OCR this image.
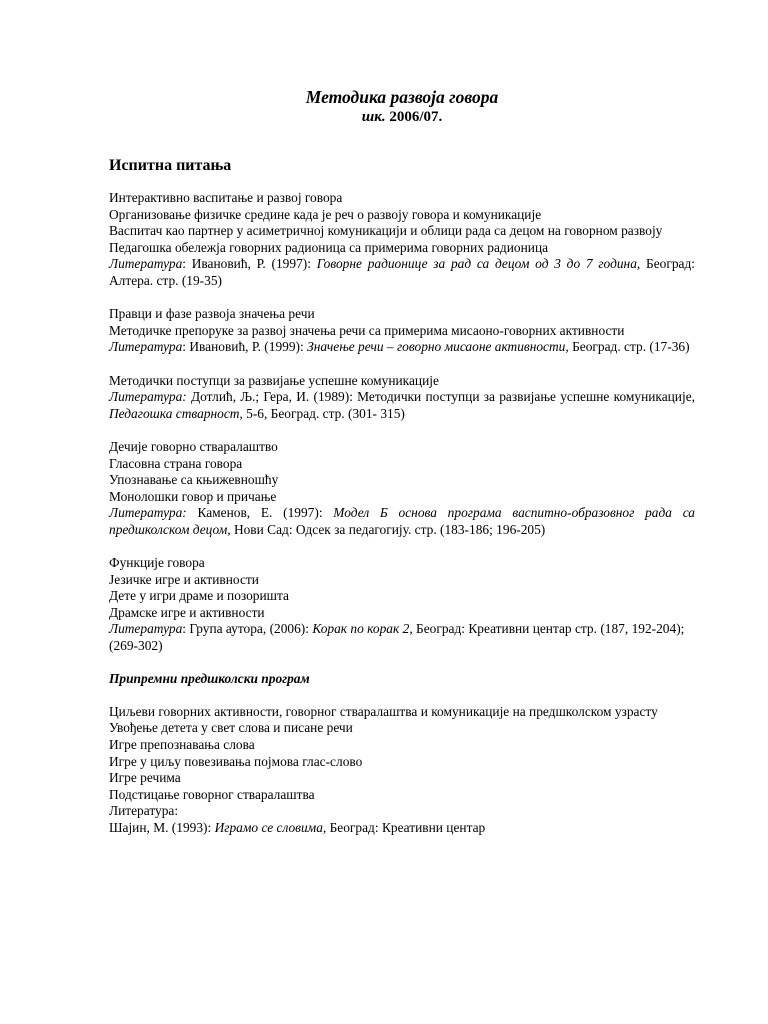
Методика развоја говора
шк. 2006/07.
Испитна питања
Интерактивно васпитање и развој говора
Организовање физичке средине када је реч о развоју говора и комуникације
Васпитач као партнер у асиметричној комуникацији и облици рада са децом на говорном развоју
Педагошка обележја говорних радионица са примерима говорних радионица
Литература: Ивановић, Р. (1997): Говорне радионице за рад са децом од 3 до 7 година, Београд: Алтера. стр. (19-35)
Правци и фазе развоја значења речи
Методичке препоруке за развој значења речи са примерима мисаоно-говорних активности
Литература: Ивановић, Р. (1999): Значење речи – говорно мисаоне активности, Београд. стр. (17-36)
Методички поступци за развијање успешне комуникације
Литература: Дотлић, Љ.; Гера, И. (1989): Методички поступци за развијање успешне комуникације, Педагошка стварност, 5-6, Београд. стр. (301- 315)
Дечије говорно стваралаштво
Гласовна страна говора
Упознавање са књижевношћу
Монолошки говор и причање
Литература: Каменов, Е. (1997): Модел Б основа програма васпитно-образовног рада са предшколском децом, Нови Сад: Одсек за педагогију. стр. (183-186; 196-205)
Функције говора
Језичке игре и активности
Дете у игри драме и позоришта
Драмске игре и активности
Литература: Група аутора, (2006): Корак по корак 2, Београд: Креативни центар стр. (187, 192-204); (269-302)
Припремни предшколски програм
Циљеви говорних активности, говорног стваралаштва и комуникације на предшколском узрасту
Увођење детета у свет слова и писане речи
Игре препознавања слова
Игре у циљу повезивања појмова глас-слово
Игре речима
Подстицање говорног стваралаштва
Литература:
Шајин, М. (1993): Играмо се словима, Београд: Креативни центар
